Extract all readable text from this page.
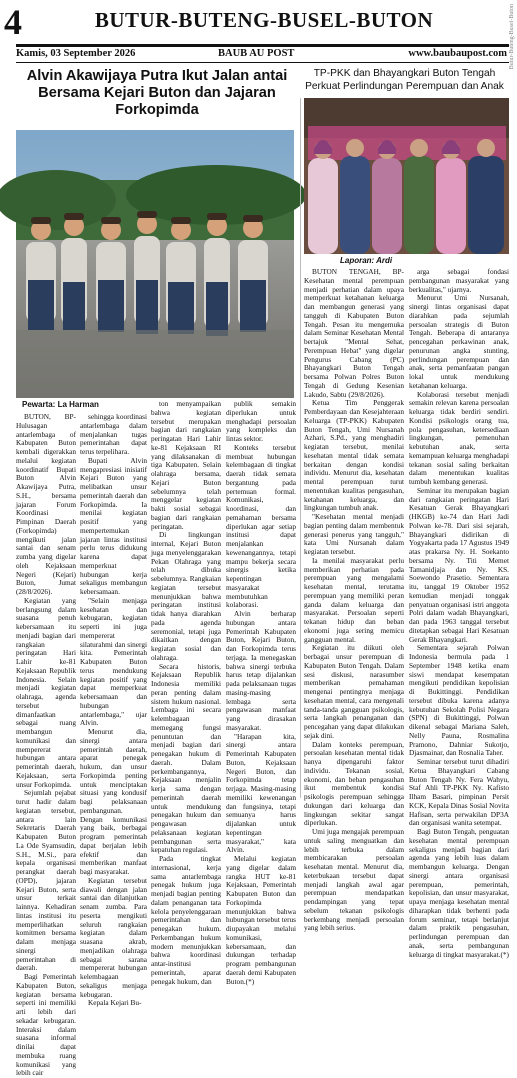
4	BUTUR-BUTENG-BUSEL-BUTON	Butur-Buteng-Busel-Buton
Kamis, 03 September 2026	BAUB AU POST	www.baubaupost.com
Alvin Akawijaya Putra Ikut Jalan antai Bersama Kejari Buton dan Jajaran Forkopimda
TP-PKK dan Bhayangkari Buton Tengah Perkuat Perlindungan Perempuan dan Anak
Pewarta: La Harman
Laporan: Ardi

BUTON, BP-Hulusagan antarlembaga of Kabupaten Buton kembali digerakkan melalui kegiatan koordinatif Bupati Buton Alvin Akawijaya Putra, S.H., bersama jajaran Forum Koordinasi Pimpinan Daerah (Forkopimda) mengikuti jalan santai dan senam zumba yang digelar oleh Kejaksaan Negeri (Kejari) Buton, Jumat (28/8/2026).

Kegiatan yang berlangsung dalam suasana penuh kebersamaan itu menjadi bagian dari rangkaian peringatan Hari Lahir ke-81 Kejaksaan Republik Indonesia. Selain menjadi kegiatan olahraga, agenda tersebut dimanfaatkan sebagai ruang membangun komunikasi dan mempererat hubungan antara pemerintah daerah, Kejaksaan, serta unsur Forkopimda.

Sejumlah pejabat turut hadir dalam kegiatan tersebut, antara lain Sekretaris Daerah Kabupaten Buton La Ode Syamsudin, S.H., M.Si., para kepala organisasi perangkat daerah (OPD), jajaran Kejari Buton, serta unsur terkait lainnya. Kehadiran lintas institusi itu memperlihatkan komitmen bersama dalam menjaga sinergi pemerintahan di daerah.

Bagi Pemerintah Kabupaten Buton, kegiatan bersama seperti ini memiliki arti lebih dari sekadar kebugaran. Interaksi dalam suasana informal dinilai dapat membuka ruang komunikasi yang lebih cair

sehingga koordinasi antarlembaga dalam menjalankan tugas pemerintahan dapat terus terpelihara.

Bupati Alvin mengapresiasi inisiatif Kejari Buton yang melibatkan unsur pemerintah daerah dan Forkopimda. Ia menilai kegiatan positif yang mempertemukan jajaran lintas institusi perlu terus didukung karena dapat memperkuat hubungan kerja sekaligus membangun kebersamaan.

"Selain menjaga kesehatan dan kebugaran, kegiatan seperti ini juga mempererat silaturahmi dan sinergi kita. Pemerintah Kabupaten Buton terus mendukung kegiatan positif yang dapat memperkuat kebersamaan dan hubungan antarlembaga," ujar Alvin.

Menurut dia, sinergi antara pemerintah daerah, aparat penegak hukum, dan unsur Forkopimda penting untuk menciptakan situasi yang kondusif bagi pelaksanaan pembangunan. Dengan komunikasi yang baik, berbagai program pemerintah dapat berjalan lebih efektif dan memberikan manfaat bagi masyarakat.

Kegiatan tersebut diawali dengan jalan santai dan dilanjutkan senam zumba. Para peserta mengikuti seluruh rangkaian kegiatan dalam suasana akrab, menjadikan olahraga sebagai sarana mempererat hubungan kelembagaan sekaligus menjaga kebugaran.

Kepala Kejari Bu-

ton menyampaikan bahwa kegiatan tersebut merupakan bagian dari rangkaian peringatan Hari Lahir ke-81 Kejaksaan RI yang dilaksanakan di tiga Kabupaten. Selain olahraga bersama, Kejari Buton sebelumnya telah menggelar kegiatan bakti sosial sebagai bagian dari rangkaian peringatan.

Di lingkungan internal, Kejari Buton juga menyelenggarakan Pekan Olahraga yang telah dibuka sebelumnya. Rangkaian kegiatan tersebut menunjukkan bahwa peringatan institusi tidak hanya diarahkan pada agenda seremonial, tetapi juga dikaitkan dengan kegiatan sosial dan olahraga.

Secara historis, Kejaksaan Republik Indonesia memiliki peran penting dalam sistem hukum nasional. Lembaga ini secara kelembagaan memegang fungsi penuntutan dan menjadi bagian dari penegakan hukum di daerah. Dalam perkembangannya, Kejaksaan menjalin kerja sama dengan pemerintah daerah untuk mendukung penegakan hukum dan pengawasan pelaksanaan kegiatan pembangunan serta kepatuhan regulasi.

Pada tingkat internasional, kerja sama antarlembaga penegak hukum juga menjadi bagian penting dalam penanganan tata kelola penyelenggaraan pemerintahan dan penegakan hukum. Perkembangan hukum modern menunjukkan bahwa koordinasi antar-institusi pemerintah, aparat penegak hukum, dan

publik semakin diperlukan untuk menghadapi persoalan yang kompleks dan lintas sektor.

Konteks tersebut membuat hubungan kelembagaan di tingkat daerah tidak semata bergantung pada pertemuan formal. Komunikasi, koordinasi, dan pemahaman bersama diperlukan agar setiap institusi dapat menjalankan kewenangannya, tetapi mampu bekerja secara sinergis ketika kepentingan masyarakat membutuhkan kolaborasi.

Alvin berharap hubungan antara Pemerintah Kabupaten Buton, Kejari Buton, dan Forkopimda terus terjaga. Ia menegaskan bahwa sinergi terbuka harus tetap dijalankan pada pelaksanaan tugas masing-masing lembaga serta pengawasan manfaat yang dirasakan masyarakat.

"Harapan kita, sinergi antara Pemerintah Kabupaten Buton, Kejaksaan Negeri Buton, dan Forkopimda tetap terjaga. Masing-masing memiliki kewenangan dan fungsinya, tetapi semuanya harus dijalankan untuk kepentingan masyarakat," kata Alvin.

Melalui kegiatan yang digelar dalam rangka HUT ke-81 Kejaksaan, Pemerintah Kabupaten Buton dan Forkopimda menunjukkan bahwa hubungan tersebut terus diupayakan melalui komunikasi, kebersamaan, dan dukungan terhadap program pembangunan daerah demi Kabupaten Buton.(*)

BUTON TENGAH, BP-Kesehatan mental perempuan menjadi perhatian dalam upaya memperkuat ketahanan keluarga dan membangun generasi yang tangguh di Kabupaten Buton Tengah. Pesan itu mengemuka dalam Seminar Kesehatan Mental bertajuk "Mental Sehat, Perempuan Hebat" yang digelar Pengurus Cabang (PC) Bhayangkari Buton Tengah bersama Polwan Polres Buton Tengah di Gedung Kesenian Lakudo, Sabtu (29/8/2026).

Ketua Tim Penggerak Pemberdayaan dan Kesejahteraan Keluarga (TP-PKK) Kabupaten Buton Tengah, Umi Nursanah Azhari, S.Pd., yang menghadiri kegiatan tersebut, menilai kesehatan mental tidak semata berkaitan dengan kondisi individu. Menurut dia, kesehatan mental perempuan turut menentukan kualitas pengasuhan, ketahanan keluarga, dan lingkungan tumbuh anak.

"Kesehatan mental menjadi bagian penting dalam membentuk generasi penerus yang tangguh," kata Umi Nursanah dalam kegiatan tersebut.

Ia menilai masyarakat perlu memberikan perhatian pada perempuan yang mengalami kesehatan mental, terutama perempuan yang memiliki peran ganda dalam keluarga dan masyarakat. Persoalan seperti tekanan hidup dan beban ekonomi juga sering memicu gangguan mental.

Kegiatan itu diikuti oleh berbagai unsur perempuan di Kabupaten Buton Tengah. Dalam sesi diskusi, narasumber memberikan pemahaman mengenai pentingnya menjaga kesehatan mental, cara mengenali tanda-tanda gangguan psikologis, serta langkah penanganan dan pencegahan yang dapat dilakukan sejak dini.

Dalam konteks perempuan, persoalan kesehatan mental tidak hanya dipengaruhi faktor individu. Tekanan sosial, ekonomi, dan beban pengasuhan ikut membentuk kondisi psikologis perempuan sehingga dukungan dari keluarga dan lingkungan sekitar sangat diperlukan.

Umi juga mengajak perempuan untuk saling menguatkan dan lebih terbuka dalam membicarakan persoalan kesehatan mental. Menurut dia, keterbukaan tersebut dapat menjadi langkah awal agar perempuan mendapatkan pendampingan yang tepat sebelum tekanan psikologis berkembang menjadi persoalan yang lebih serius.

arga sebagai fondasi pembangunan masyarakat yang berkualitas," ujarnya.

Menurut Umi Nursanah, sinergi lintas organisasi dapat diarahkan pada sejumlah persoalan strategis di Buton Tengah. Beberapa di antaranya pencegahan perkawinan anak, penurunan angka stunting, perlindungan perempuan dan anak, serta pemanfaatan pangan lokal untuk mendukung ketahanan keluarga.

Kolaborasi tersebut menjadi semakin relevan karena persoalan keluarga tidak berdiri sendiri. Kondisi psikologis orang tua, pola pengasuhan, ketersediaan lingkungan, pemenuhan kebutuhan anak, serta kemampuan keluarga menghadapi tekanan sosial saling berkaitan dalam menentukan kualitas tumbuh kembang generasi.

Seminar itu merupakan bagian dari rangkaian peringatan Hari Kesatuan Gerak Bhayangkari (HKGB) ke-74 dan Hari Jadi Polwan ke-78. Dari sisi sejarah, Bhayangkari didirikan di Yogyakarta pada 17 Agustus 1949 atas prakarsa Ny. H. Soekanto bersama Ny. Titi Memet Tamanidjaja dan Ny. KS. Soewondo Prasetio. Sementara itu, tanggal 19 Oktober 1952 kemudian menjadi tonggak penyatuan organisasi istri anggota Polri dalam wadah Bhayangkari, dan pada 1963 tanggal tersebut ditetapkan sebagai Hari Kesatuan Gerak Bhayangkari.

Sementara sejarah Polwan Indonesia bermula pada 1 September 1948 ketika enam siswi mendapat kesempatan mengikuti pendidikan kepolisian di Bukittinggi. Pendidikan tersebut dibuka karena adanya kebutuhan Sekolah Polisi Negara (SPN) di Bukittinggi, Polwan dikenal sebagai Mariana Saleh, Nelly Pauna, Rosmalina Pramono, Dahniar Sukotjo, Djasmainar, dan Rosnalia Taher.

Seminar tersebut turut dihadiri Ketua Bhayangkari Cabang Buton Tengah Ny. Fera Wahyu, Staf Ahli TP-PKK Ny. Kafisto Ilham Basari, pimpinan Persit KCK, Kepala Dinas Sosial Novita Hafisan, serta perwakilan DP3A dan organisasi wanita setempat.

Bagi Buton Tengah, penguatan kesehatan mental perempuan sekaligus menjadi bagian dari agenda yang lebih luas dalam membangun keluarga. Dengan sinergi antara organisasi perempuan, pemerintah, kepolisian, dan unsur masyarakat, upaya menjaga kesehatan mental diharapkan tidak berhenti pada forum seminar, tetapi berlanjut dalam praktik pengasuhan, perlindungan perempuan dan anak, serta pembangunan keluarga di tingkat masyarakat.(*)
